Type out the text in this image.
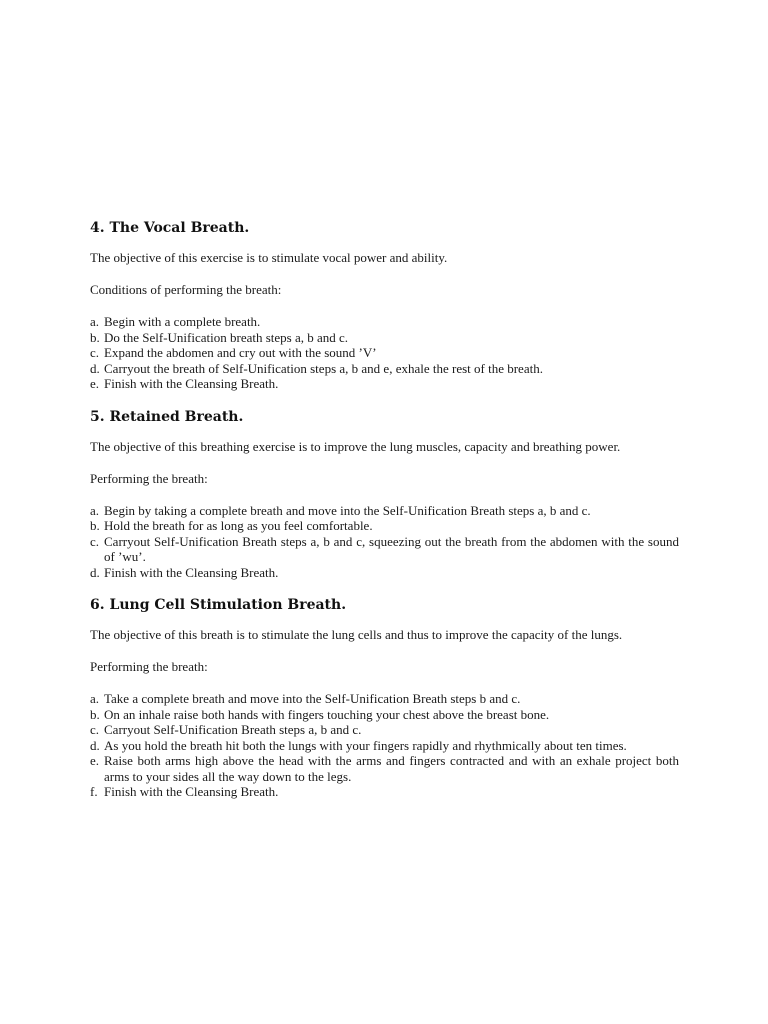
4. The Vocal Breath.

The objective of this exercise is to stimulate vocal power and ability.

Conditions of performing the breath:

a. Begin with a complete breath.
b. Do the Self-Unification breath steps a, b and c.
c. Expand the abdomen and cry out with the sound ’V’
d. Carryout the breath of Self-Unification steps a, b and e, exhale the rest of the breath.
e. Finish with the Cleansing Breath.
5. Retained Breath.

The objective of this breathing exercise is to improve the lung muscles, capacity and breathing power.

Performing the breath:

a. Begin by taking a complete breath and move into the Self-Unification Breath steps a, b and c.
b. Hold the breath for as long as you feel comfortable.
c. Carryout Self-Unification Breath steps a, b and c, squeezing out the breath from the abdomen with the sound of ’wu’.
d. Finish with the Cleansing Breath.
6. Lung Cell Stimulation Breath.

The objective of this breath is to stimulate the lung cells and thus to improve the capacity of the lungs.

Performing the breath:

a. Take a complete breath and move into the Self-Unification Breath steps b and c.
b. On an inhale raise both hands with fingers touching your chest above the breast bone.
c. Carryout Self-Unification Breath steps a, b and c.
d. As you hold the breath hit both the lungs with your fingers rapidly and rhythmically about ten times.
e. Raise both arms high above the head with the arms and fingers contracted and with an exhale project both arms to your sides all the way down to the legs.
f. Finish with the Cleansing Breath.
